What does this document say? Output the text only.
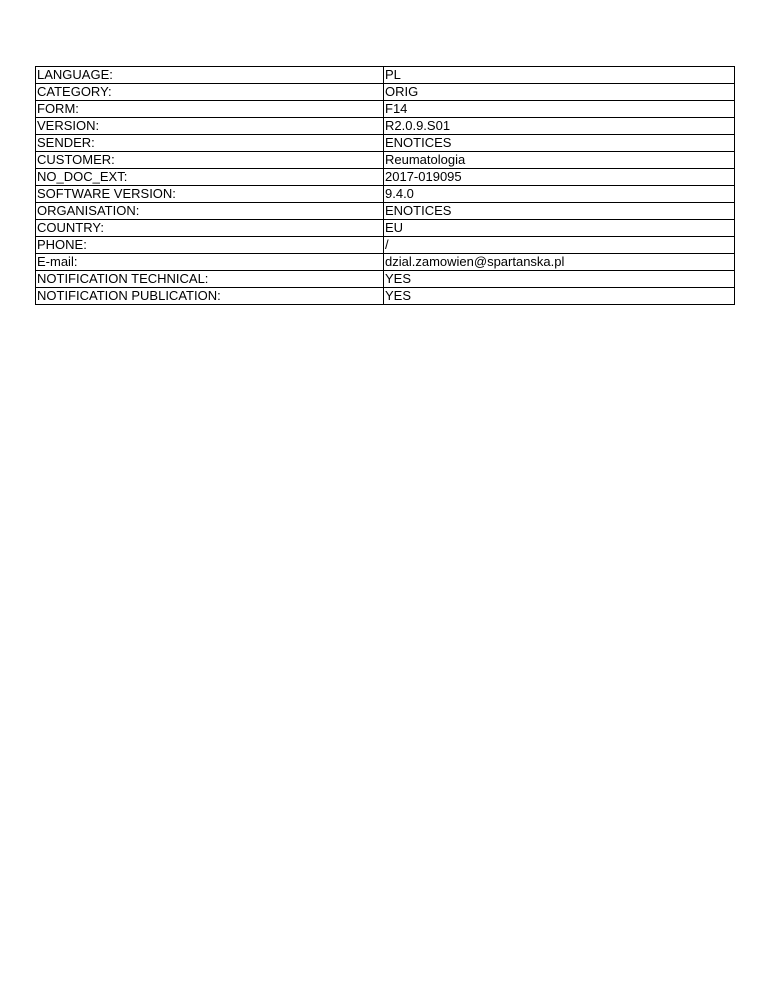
LANGUAGE:	PL
CATEGORY:	ORIG
FORM:	F14
VERSION:	R2.0.9.S01
SENDER:	ENOTICES
CUSTOMER:	Reumatologia
NO_DOC_EXT:	2017-019095
SOFTWARE VERSION:	9.4.0
ORGANISATION:	ENOTICES
COUNTRY:	EU
PHONE:	/
E-mail:	dzial.zamowien@spartanska.pl
NOTIFICATION TECHNICAL:	YES
NOTIFICATION PUBLICATION:	YES
